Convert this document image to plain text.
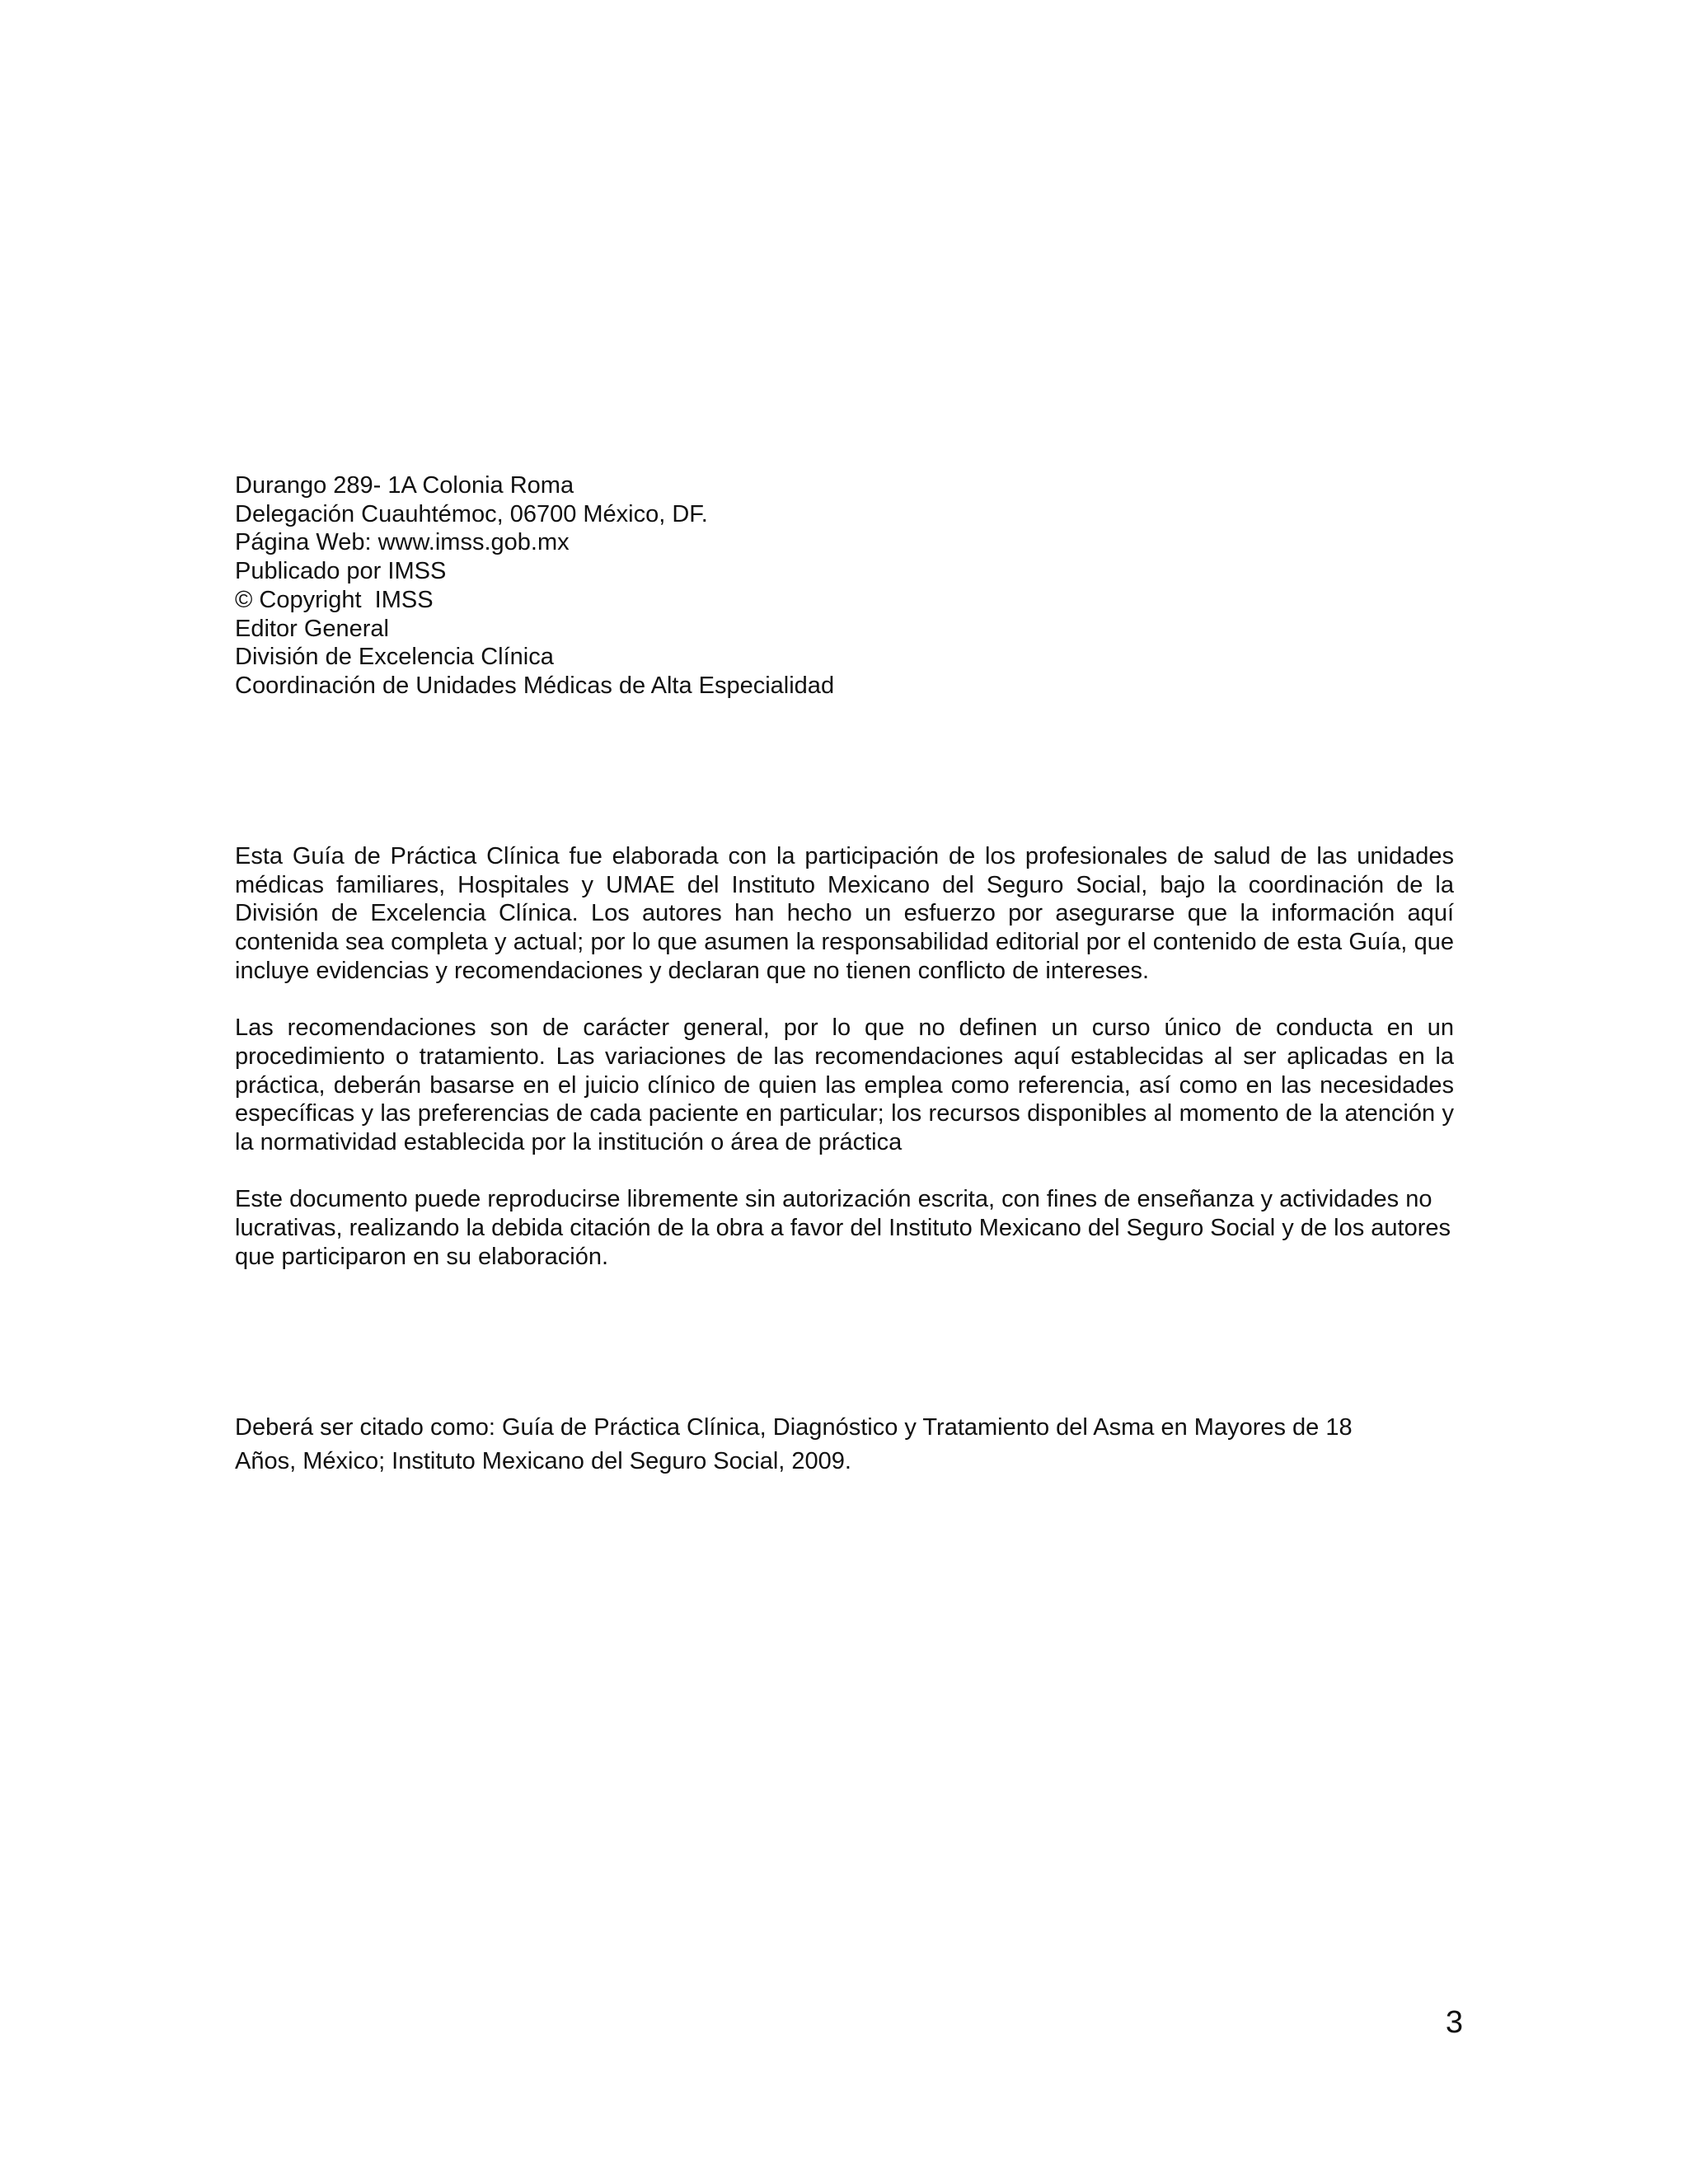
Durango 289- 1A Colonia Roma
Delegación Cuauhtémoc, 06700 México, DF.
Página Web: www.imss.gob.mx
Publicado por IMSS
© Copyright  IMSS
Editor General
División de Excelencia Clínica
Coordinación de Unidades Médicas de Alta Especialidad

Esta Guía de Práctica Clínica fue elaborada con la participación de los profesionales de salud de las unidades médicas familiares, Hospitales y UMAE del Instituto Mexicano del Seguro Social, bajo la coordinación de la División de Excelencia Clínica. Los autores han hecho un esfuerzo por asegurarse que la información aquí contenida sea completa y actual; por lo que asumen la responsabilidad editorial por el contenido de esta Guía, que incluye evidencias y recomendaciones y declaran que no tienen conflicto de intereses.

Las recomendaciones son de carácter general, por lo que no definen un curso único de conducta en un procedimiento o tratamiento. Las variaciones de las recomendaciones aquí establecidas al ser aplicadas en la práctica, deberán basarse en el juicio clínico de quien las emplea como referencia, así como en las necesidades específicas y las preferencias de cada paciente en particular; los recursos disponibles al momento de la atención y la normatividad establecida por la institución o área de práctica

Este documento puede reproducirse libremente sin autorización escrita, con fines de enseñanza y actividades no lucrativas, realizando la debida citación de la obra a favor del Instituto Mexicano del Seguro Social y de los autores que participaron en su elaboración.

Deberá ser citado como: Guía de Práctica Clínica, Diagnóstico y Tratamiento del Asma en Mayores de 18
Años, México; Instituto Mexicano del Seguro Social, 2009.

3
